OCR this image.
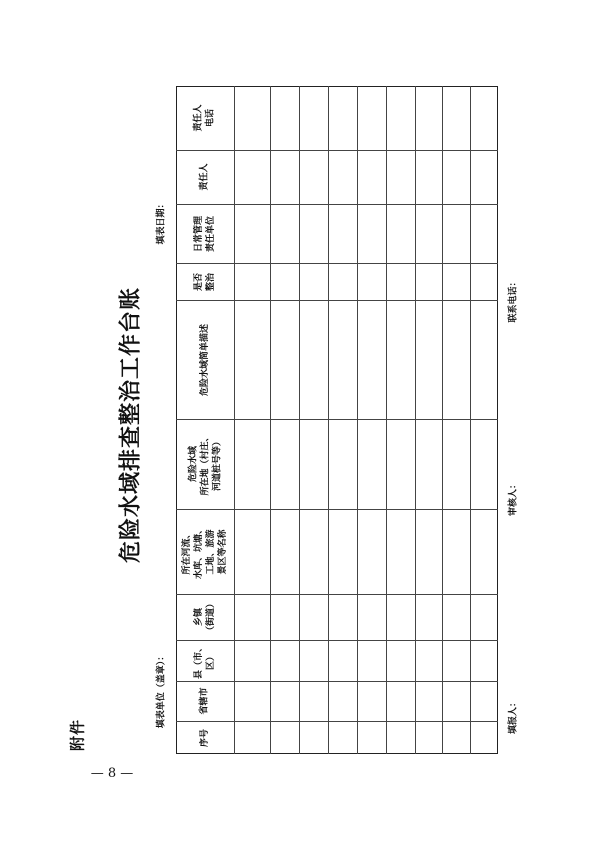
附件
危险水域排查整治工作台账
填表单位（盖章）：
填表日期：
填报人：
审核人：
联系电话：
— 8 —
序号
省辖市
县（市、
区）
乡镇
（街道）
所在河流、
水库、坑塘、
工地、旅游
景区等名称
危险水域
所在地（村庄、
河道桩号等）
危险水域简单描述
是否
整治
日常管理
责任单位
责任人
责任人
电话
